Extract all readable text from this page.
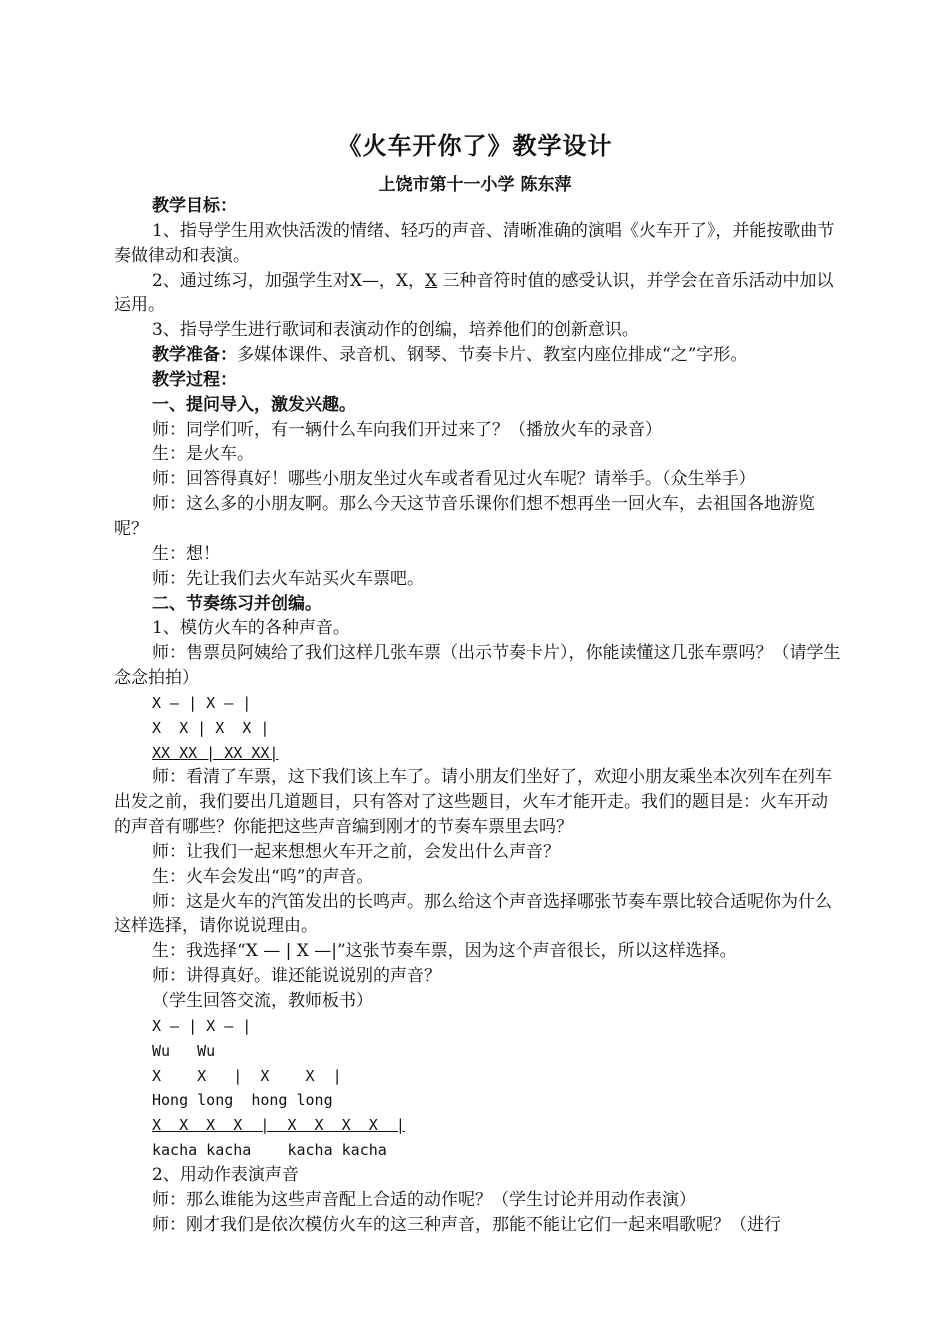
《火车开你了》教学设计
上饶市第十一小学 陈东萍

教学目标：

1、指导学生用欢快活泼的情绪、轻巧的声音、清晰准确的演唱《火车开了》，并能按歌曲节奏做律动和表演。

2、通过练习，加强学生对X—，X，X 三种音符时值的感受认识，并学会在音乐活动中加以运用。

3、指导学生进行歌词和表演动作的创编，培养他们的创新意识。

教学准备：多媒体课件、录音机、钢琴、节奏卡片、教室内座位排成“之”字形。

教学过程：

一、提问导入，激发兴趣。

师：同学们听，有一辆什么车向我们开过来了？（播放火车的录音）

生：是火车。

师：回答得真好！哪些小朋友坐过火车或者看见过火车呢？请举手。（众生举手）

师：这么多的小朋友啊。那么今天这节音乐课你们想不想再坐一回火车，去祖国各地游览呢？

生：想！

师：先让我们去火车站买火车票吧。

二、节奏练习并创编。

1、模仿火车的各种声音。

师：售票员阿姨给了我们这样几张车票（出示节奏卡片），你能读懂这几张车票吗？（请学生念念拍拍）

X — | X — |

X  X | X  X |

XX XX | XX XX|

师：看清了车票，这下我们该上车了。请小朋友们坐好了，欢迎小朋友乘坐本次列车在列车出发之前，我们要出几道题目，只有答对了这些题目，火车才能开走。我们的题目是：火车开动的声音有哪些？你能把这些声音编到刚才的节奏车票里去吗？

师：让我们一起来想想火车开之前，会发出什么声音？

生：火车会发出“呜”的声音。

师：这是火车的汽笛发出的长鸣声。那么给这个声音选择哪张节奏车票比较合适呢你为什么这样选择，请你说说理由。

生：我选择“X — | X —|”这张节奏车票，因为这个声音很长，所以这样选择。

师：讲得真好。谁还能说说别的声音？

（学生回答交流，教师板书）

X — | X — |

Wu   Wu

X    X   |  X    X  |

Hong long  hong long

X  X  X  X  |  X  X  X  X  |

kacha kacha    kacha kacha

2、用动作表演声音

师：那么谁能为这些声音配上合适的动作呢？（学生讨论并用动作表演）

师：刚才我们是依次模仿火车的这三种声音，那能不能让它们一起来唱歌呢？（进行
